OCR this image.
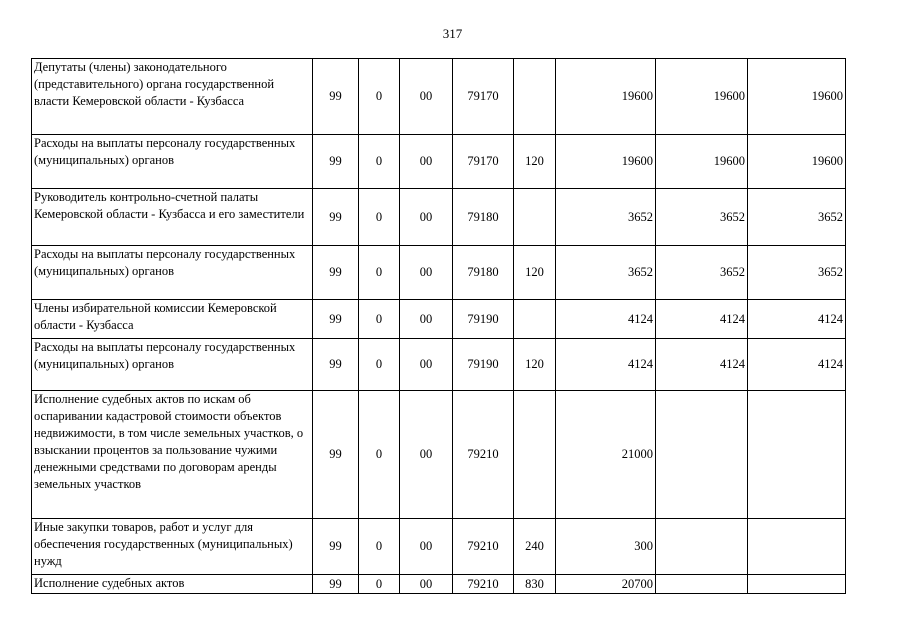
317
Депутаты (члены) законодательного (представительного) органа государственной власти Кемеровской области - Кузбасса	99	0	00	79170		19600	19600	19600
Расходы на выплаты персоналу государственных (муниципальных) органов	99	0	00	79170	120	19600	19600	19600
Руководитель контрольно-счетной палаты Кемеровской области - Кузбасса и его заместители	99	0	00	79180		3652	3652	3652
Расходы на выплаты персоналу государственных (муниципальных) органов	99	0	00	79180	120	3652	3652	3652
Члены избирательной комиссии Кемеровской области - Кузбасса	99	0	00	79190		4124	4124	4124
Расходы на выплаты персоналу государственных (муниципальных) органов	99	0	00	79190	120	4124	4124	4124
Исполнение судебных актов по искам об оспаривании кадастровой стоимости объектов недвижимости, в том числе земельных участков, о взыскании процентов за пользование чужими денежными средствами по договорам аренды земельных участков	99	0	00	79210		21000		
Иные закупки товаров, работ и услуг для обеспечения государственных (муниципальных) нужд	99	0	00	79210	240	300		
Исполнение судебных актов	99	0	00	79210	830	20700		
